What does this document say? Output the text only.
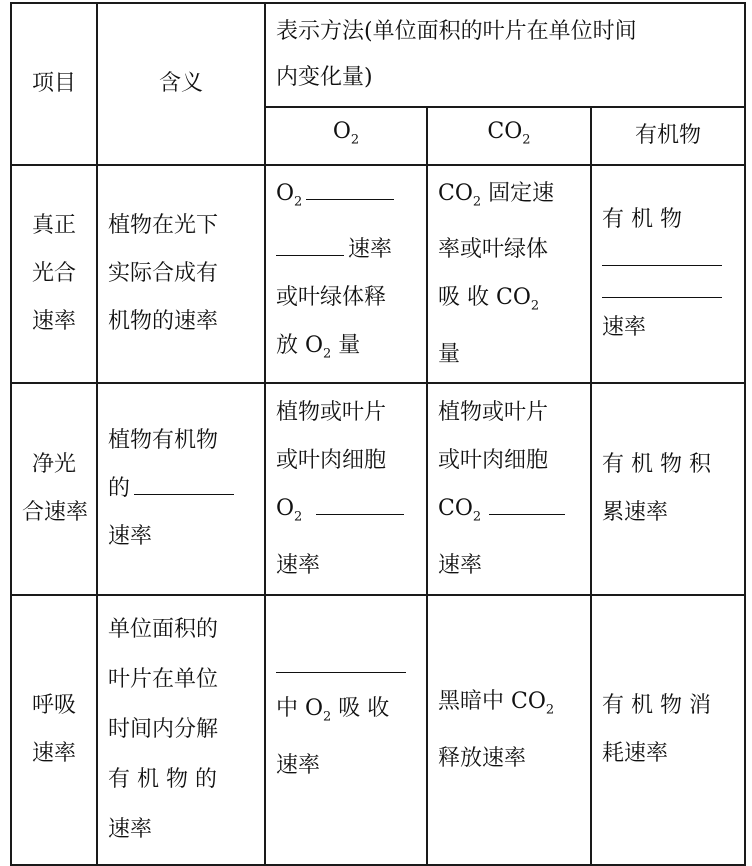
项目	含义	表示方法(单位面积的叶片在单位时间
内变化量)		

		$O_2$	$CO_2$	有机物

真正
光合
速率	植物在光下
实际合成有
机物的速率	$O_2$
速率
或叶绿体释
放 $O_2$ 量	$CO_2$ 固定速
率或叶绿体
吸 收 $CO_2$
量	有 机 物
速率

净光
合速率	植物有机物
的
速率	植物或叶片
或叶肉细胞
$O_2$
速率	植物或叶片
或叶肉细胞
$CO_2$
速率	有 机 物 积
累速率

呼吸
速率	单位面积的
叶片在单位
时间内分解
有 机 物 的
速率	中 $O_2$ 吸 收
速率	黑暗中 $CO_2$
释放速率	有 机 物 消
耗速率
